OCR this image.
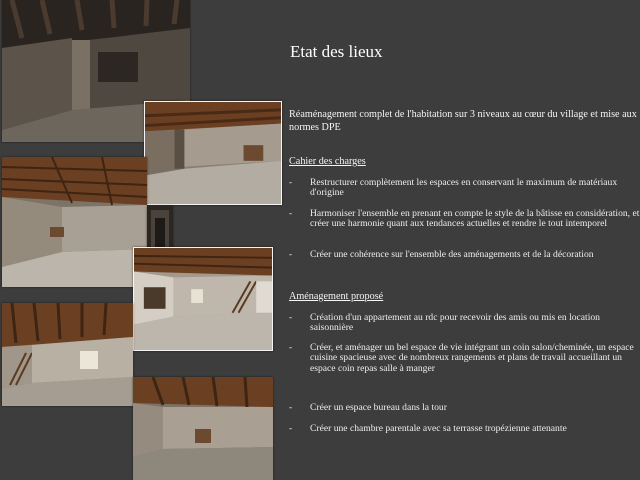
Etat des lieux
Réaménagement complet de l'habitation sur 3 niveaux au cœur du village et mise aux normes DPE
Cahier des charges
-	Restructurer complètement les espaces en conservant le maximum de matériaux d'origine
-	Harmoniser l'ensemble en prenant en compte le style de la bâtisse en considération, et créer une harmonie quant aux tendances actuelles et rendre le tout intemporel
-	Créer une cohérence sur l'ensemble des aménagements et de la décoration
Aménagement proposé
-	Création d'un appartement au rdc pour recevoir des amis ou mis en location saisonnière
-	Créer, et aménager un bel espace de vie intégrant un coin salon/cheminée, un espace cuisine spacieuse avec de nombreux rangements et plans de travail accueillant un espace coin repas salle à manger
-	Créer un espace bureau dans la tour
-	Créer une chambre parentale avec sa terrasse tropézienne attenante
